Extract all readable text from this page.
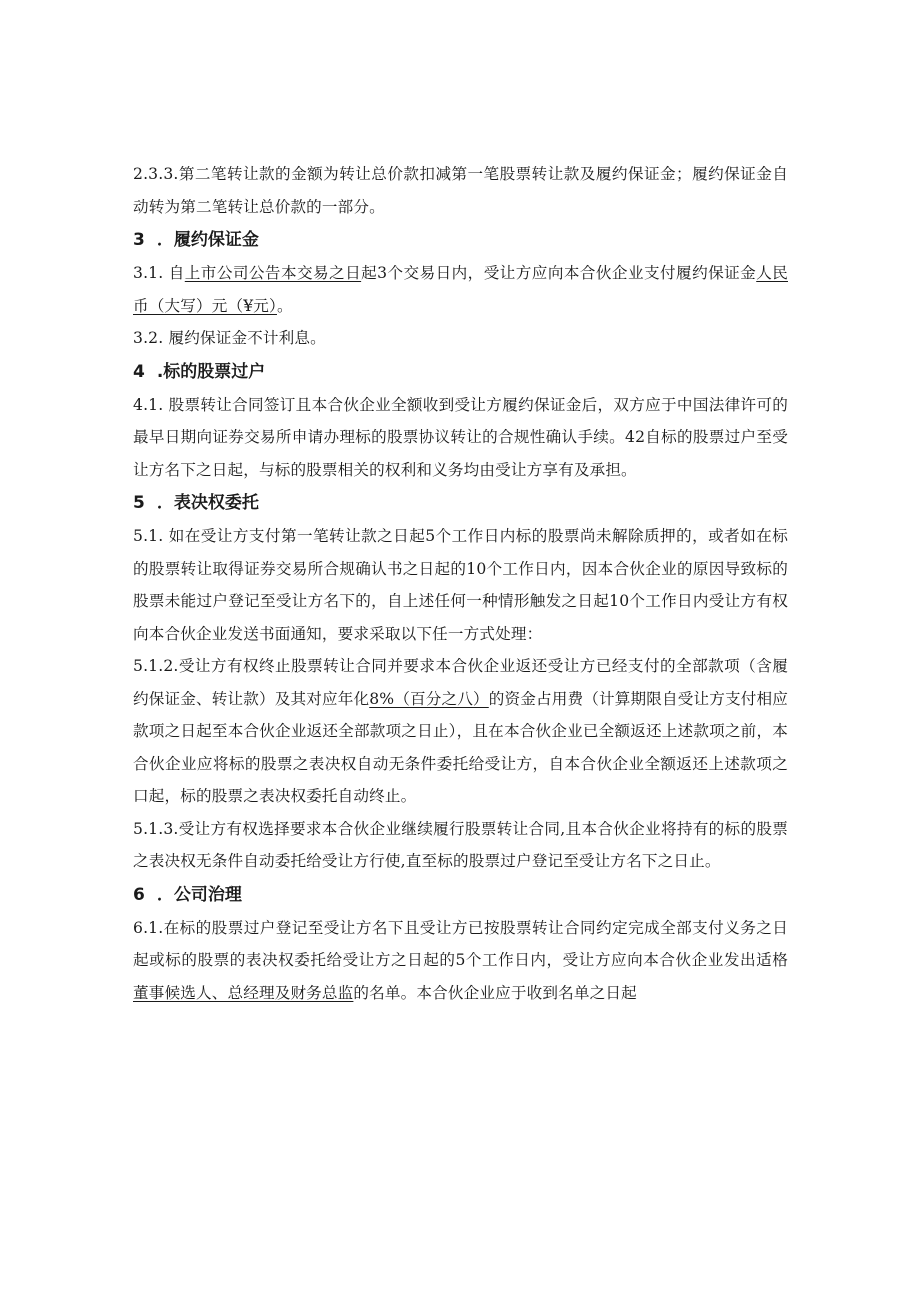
2.3.3.第二笔转让款的金额为转让总价款扣减第一笔股票转让款及履约保证金；履约保证金自动转为第二笔转让总价款的一部分。

3 ．履约保证金

3.1. 自上市公司公告本交易之日起3个交易日内，受让方应向本合伙企业支付履约保证金人民币（大写）元（¥元）。

3.2. 履约保证金不计利息。

4 .标的股票过户

4.1. 股票转让合同签订且本合伙企业全额收到受让方履约保证金后，双方应于中国法律许可的最早日期向证券交易所申请办理标的股票协议转让的合规性确认手续。42自标的股票过户至受让方名下之日起，与标的股票相关的权利和义务均由受让方享有及承担。

5 ．表决权委托

5.1. 如在受让方支付第一笔转让款之日起5个工作日内标的股票尚未解除质押的，或者如在标的股票转让取得证券交易所合规确认书之日起的10个工作日内，因本合伙企业的原因导致标的股票未能过户登记至受让方名下的，自上述任何一种情形触发之日起10个工作日内受让方有权向本合伙企业发送书面通知，要求采取以下任一方式处理：

5.1.2.受让方有权终止股票转让合同并要求本合伙企业返还受让方已经支付的全部款项（含履约保证金、转让款）及其对应年化8%（百分之八）的资金占用费（计算期限自受让方支付相应款项之日起至本合伙企业返还全部款项之日止），且在本合伙企业已全额返还上述款项之前，本合伙企业应将标的股票之表决权自动无条件委托给受让方，自本合伙企业全额返还上述款项之口起，标的股票之表决权委托自动终止。

5.1.3.受让方有权选择要求本合伙企业继续履行股票转让合同,且本合伙企业将持有的标的股票之表决权无条件自动委托给受让方行使,直至标的股票过户登记至受让方名下之日止。

6 ．公司治理

6.1.在标的股票过户登记至受让方名下且受让方已按股票转让合同约定完成全部支付义务之日起或标的股票的表决权委托给受让方之日起的5个工作日内，受让方应向本合伙企业发出适格董事候选人、总经理及财务总监的名单。本合伙企业应于收到名单之日起
